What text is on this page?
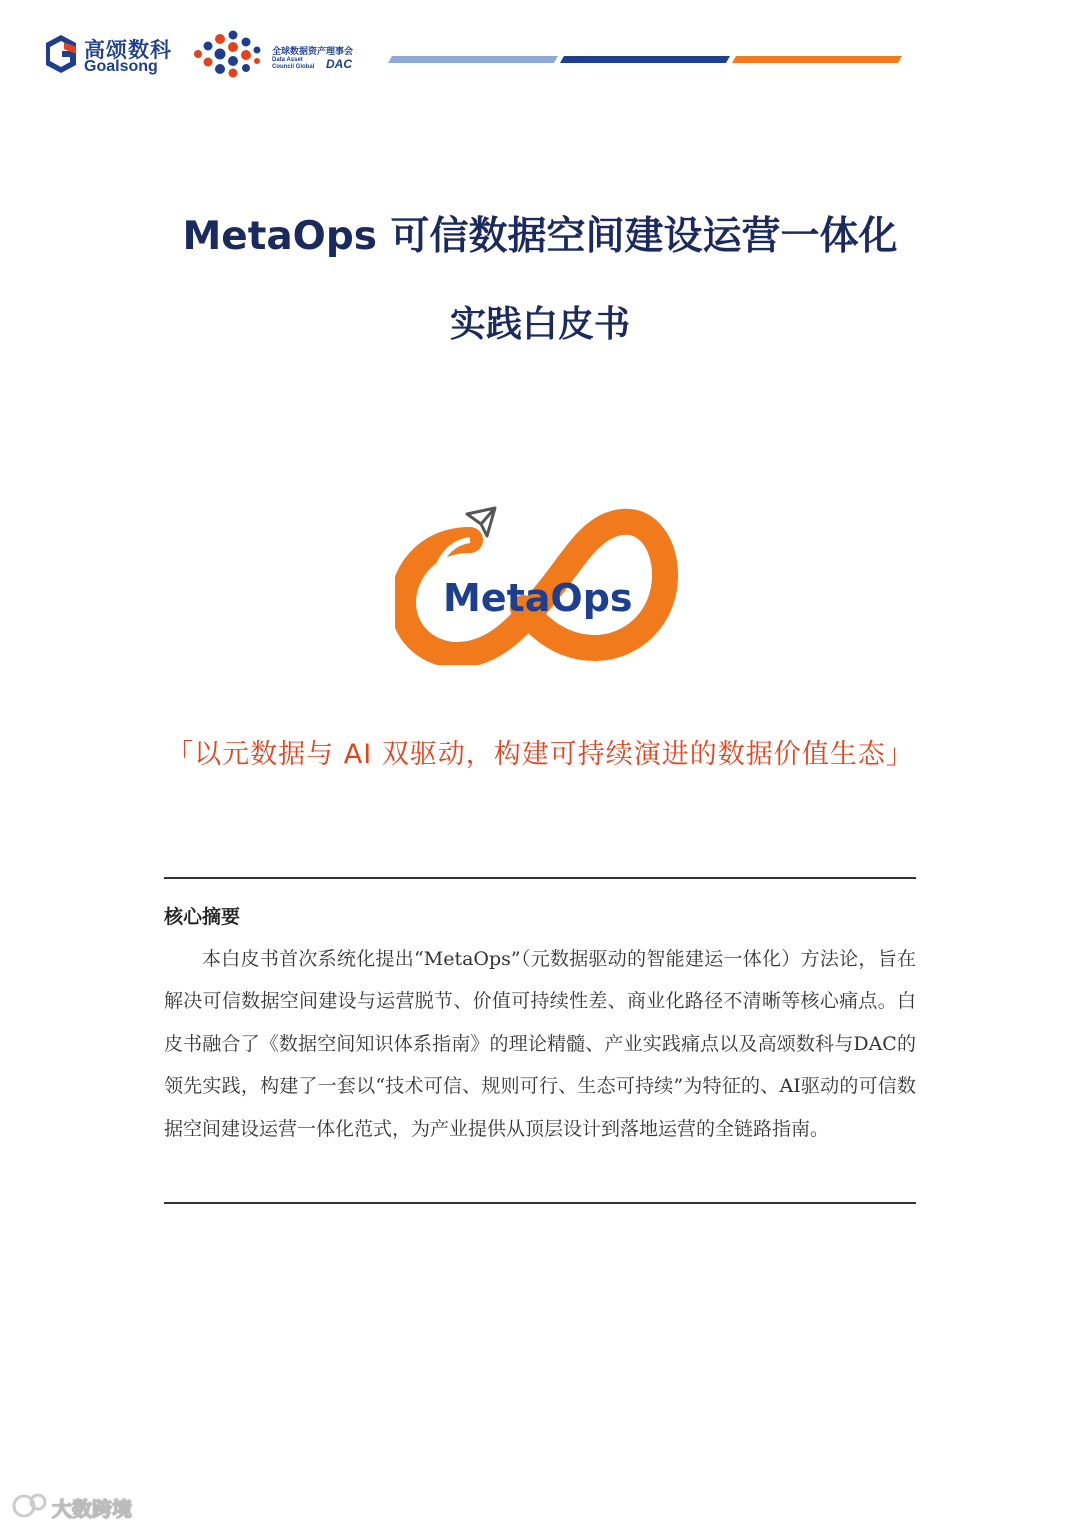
高颂数科
Goalsong
全球数据资产理事会
Data Asset
Council Global DAC
MetaOps 可信数据空间建设运营一体化
实践白皮书
MetaOps
「以元数据与 AI 双驱动，构建可持续演进的数据价值生态」
核心摘要

本白皮书首次系统化提出“MetaOps”（元数据驱动的智能建运一体化）方法论，旨在解决可信数据空间建设与运营脱节、价值可持续性差、商业化路径不清晰等核心痛点。白皮书融合了《数据空间知识体系指南》的理论精髓、产业实践痛点以及高颂数科与DAC的领先实践，构建了一套以“技术可信、规则可行、生态可持续”为特征的、AI驱动的可信数据空间建设运营一体化范式，为产业提供从顶层设计到落地运营的全链路指南。

大数跨境
